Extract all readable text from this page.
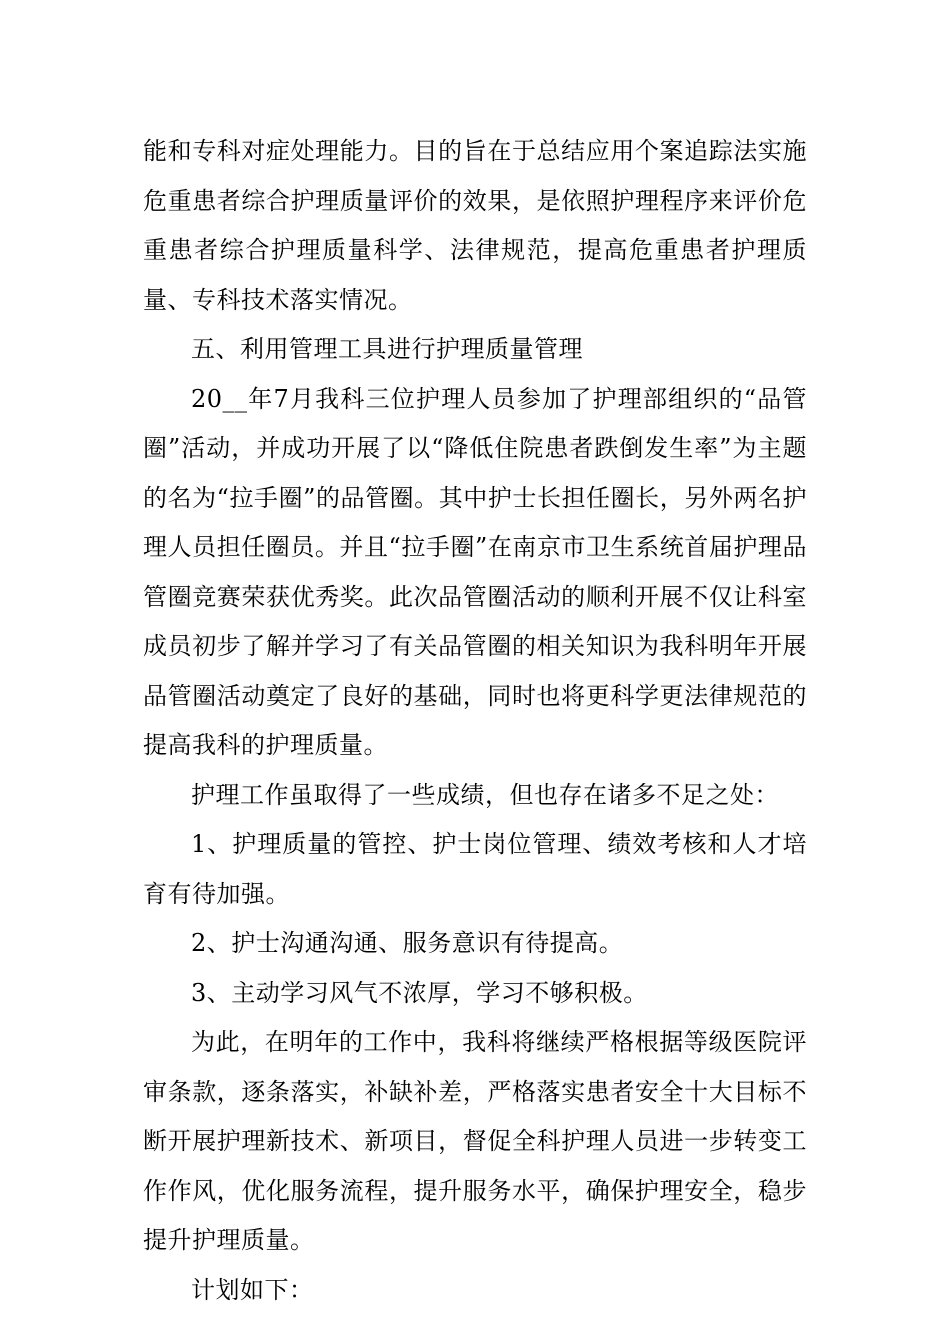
能和专科对症处理能力。目的旨在于总结应用个案追踪法实施危重患者综合护理质量评价的效果，是依照护理程序来评价危重患者综合护理质量科学、法律规范，提高危重患者护理质量、专科技术落实情况。

五、利用管理工具进行护理质量管理

20__年7月我科三位护理人员参加了护理部组织的“品管圈”活动，并成功开展了以“降低住院患者跌倒发生率”为主题的名为“拉手圈”的品管圈。其中护士长担任圈长，另外两名护理人员担任圈员。并且“拉手圈”在南京市卫生系统首届护理品管圈竞赛荣获优秀奖。此次品管圈活动的顺利开展不仅让科室成员初步了解并学习了有关品管圈的相关知识为我科明年开展品管圈活动奠定了良好的基础，同时也将更科学更法律规范的提高我科的护理质量。

护理工作虽取得了一些成绩，但也存在诸多不足之处：

1、护理质量的管控、护士岗位管理、绩效考核和人才培育有待加强。

2、护士沟通沟通、服务意识有待提高。

3、主动学习风气不浓厚，学习不够积极。

为此，在明年的工作中，我科将继续严格根据等级医院评审条款，逐条落实，补缺补差，严格落实患者安全十大目标不断开展护理新技术、新项目，督促全科护理人员进一步转变工作作风，优化服务流程，提升服务水平，确保护理安全，稳步提升护理质量。

计划如下：
